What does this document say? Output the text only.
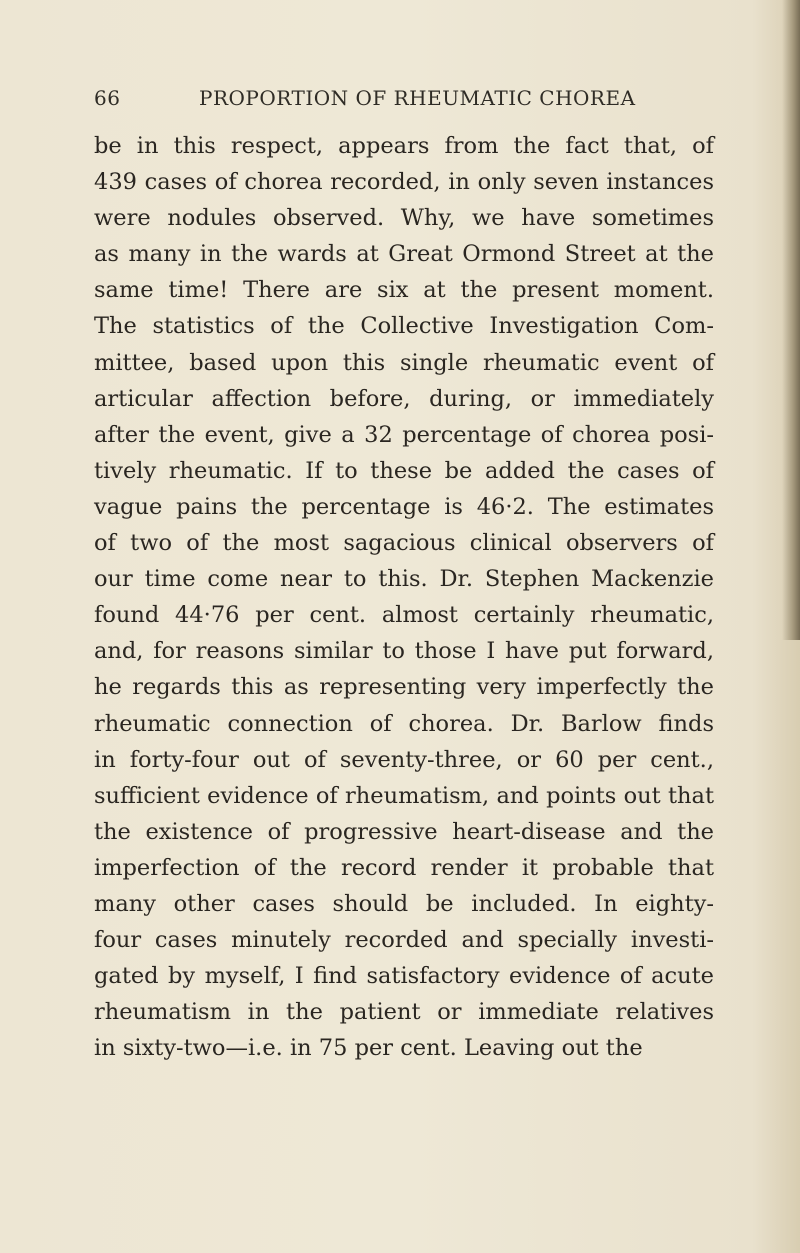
66	PROPORTION OF RHEUMATIC CHOREA
be in this respect, appears from the fact that, of
439 cases of chorea recorded, in only seven instances
were nodules observed. Why, we have sometimes
as many in the wards at Great Ormond Street at the
same time! There are six at the present moment.
The statistics of the Collective Investigation Com-
mittee, based upon this single rheumatic event of
articular affection before, during, or immediately
after the event, give a 32 percentage of chorea posi-
tively rheumatic. If to these be added the cases of
vague pains the percentage is 46·2. The estimates
of two of the most sagacious clinical observers of
our time come near to this. Dr. Stephen Mackenzie
found 44·76 per cent. almost certainly rheumatic,
and, for reasons similar to those I have put forward,
he regards this as representing very imperfectly the
rheumatic connection of chorea. Dr. Barlow finds
in forty-four out of seventy-three, or 60 per cent.,
sufficient evidence of rheumatism, and points out that
the existence of progressive heart-disease and the
imperfection of the record render it probable that
many other cases should be included. In eighty-
four cases minutely recorded and specially investi-
gated by myself, I find satisfactory evidence of acute
rheumatism in the patient or immediate relatives
in sixty-two—i.e. in 75 per cent. Leaving out the
